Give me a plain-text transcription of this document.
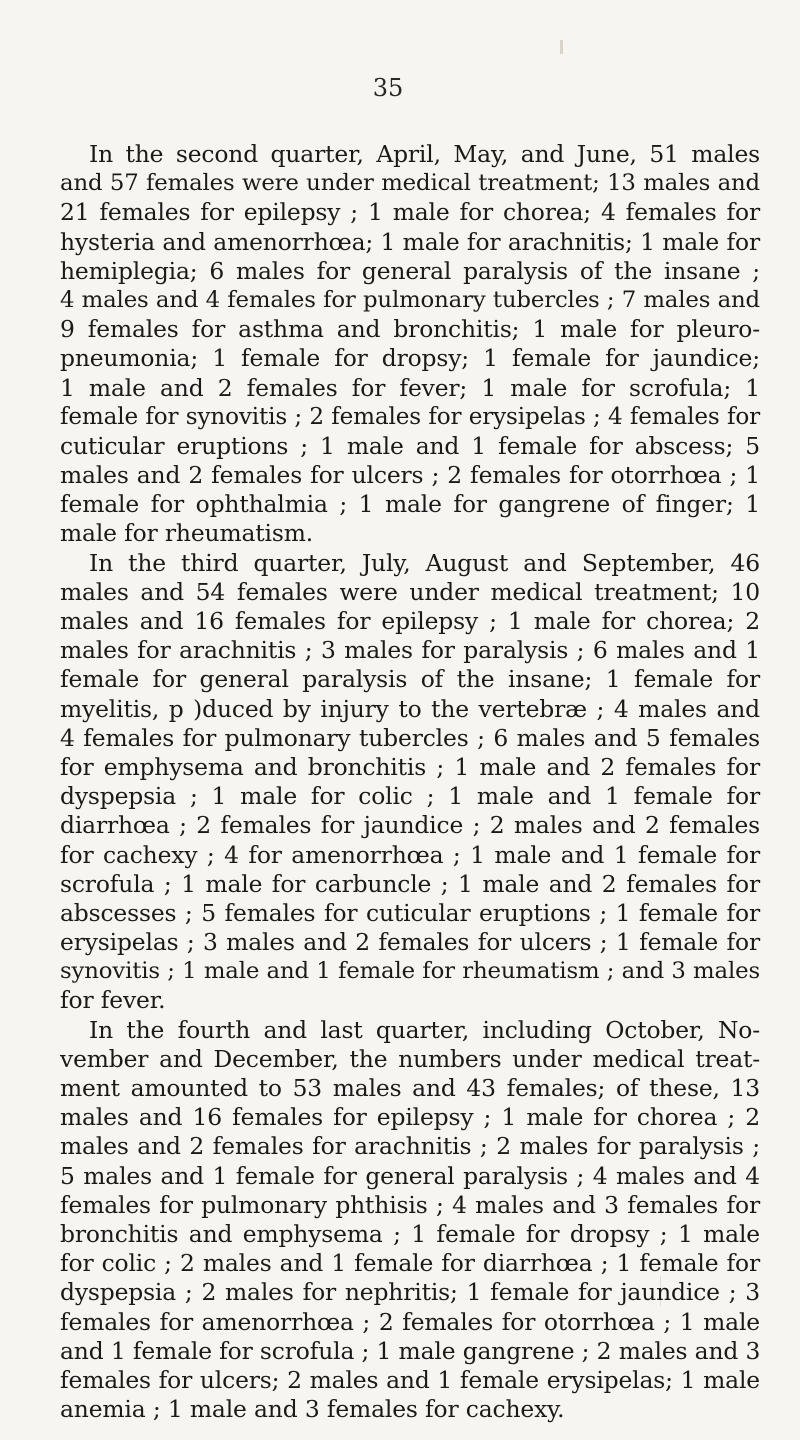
35
In the second quarter, April, May, and June, 51 males
and 57 females were under medical treatment; 13 males and
21 females for epilepsy ; 1 male for chorea; 4 females for
hysteria and amenorrhœa; 1 male for arachnitis; 1 male for
hemiplegia; 6 males for general paralysis of the insane ;
4 males and 4 females for pulmonary tubercles ; 7 males and
9 females for asthma and bronchitis; 1 male for pleuro-
pneumonia; 1 female for dropsy; 1 female for jaundice;
1 male and 2 females for fever; 1 male for scrofula; 1
female for synovitis ; 2 females for erysipelas ; 4 females for
cuticular eruptions ; 1 male and 1 female for abscess; 5
males and 2 females for ulcers ; 2 females for otorrhœa ; 1
female for ophthalmia ; 1 male for gangrene of finger; 1
male for rheumatism.
In the third quarter, July, August and September, 46
males and 54 females were under medical treatment; 10
males and 16 females for epilepsy ; 1 male for chorea; 2
males for arachnitis ; 3 males for paralysis ; 6 males and 1
female for general paralysis of the insane; 1 female for
myelitis, p )duced by injury to the vertebræ ; 4 males and
4 females for pulmonary tubercles ; 6 males and 5 females
for emphysema and bronchitis ; 1 male and 2 females for
dyspepsia ; 1 male for colic ; 1 male and 1 female for
diarrhœa ; 2 females for jaundice ; 2 males and 2 females
for cachexy ; 4 for amenorrhœa ; 1 male and 1 female for
scrofula ; 1 male for carbuncle ; 1 male and 2 females for
abscesses ; 5 females for cuticular eruptions ; 1 female for
erysipelas ; 3 males and 2 females for ulcers ; 1 female for
synovitis ; 1 male and 1 female for rheumatism ; and 3 males
for fever.
In the fourth and last quarter, including October, No-
vember and December, the numbers under medical treat-
ment amounted to 53 males and 43 females; of these, 13
males and 16 females for epilepsy ; 1 male for chorea ; 2
males and 2 females for arachnitis ; 2 males for paralysis ;
5 males and 1 female for general paralysis ; 4 males and 4
females for pulmonary phthisis ; 4 males and 3 females for
bronchitis and emphysema ; 1 female for dropsy ; 1 male
for colic ; 2 males and 1 female for diarrhœa ; 1 female for
dyspepsia ; 2 males for nephritis; 1 female for jaundice ; 3
females for amenorrhœa ; 2 females for otorrhœa ; 1 male
and 1 female for scrofula ; 1 male gangrene ; 2 males and 3
females for ulcers; 2 males and 1 female erysipelas; 1 male
anemia ; 1 male and 3 females for cachexy.
